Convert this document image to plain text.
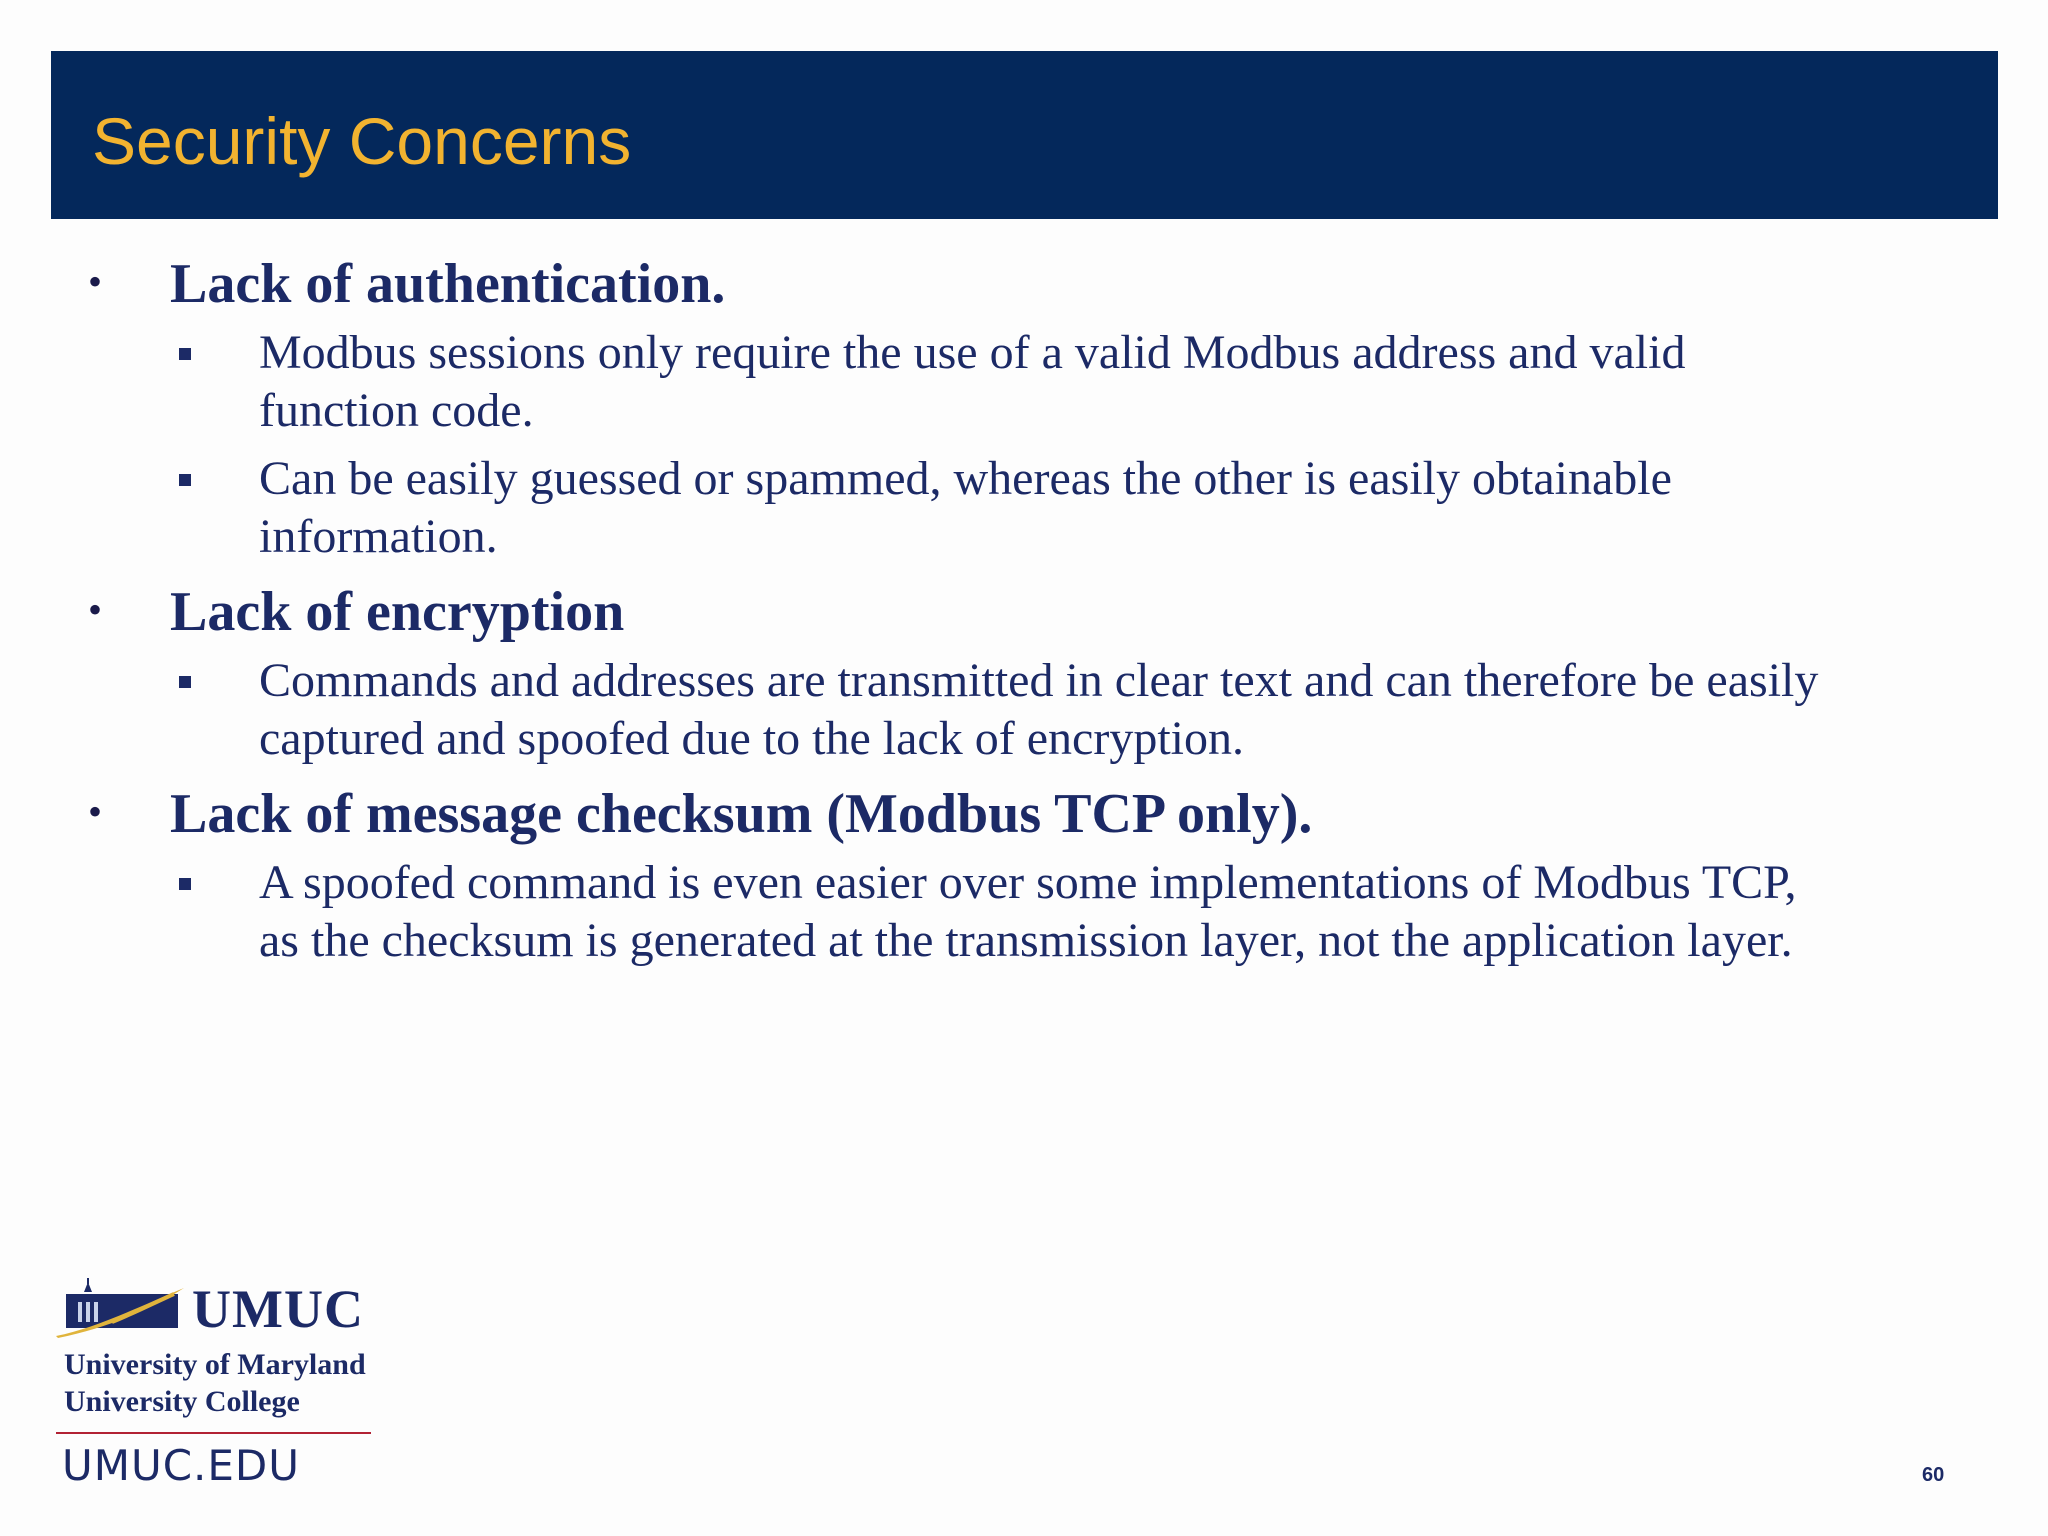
Security Concerns
• Lack of authentication.
Modbus sessions only require the use of a valid Modbus address and valid function code.
Can be easily guessed or spammed, whereas the other is easily obtainable information.
• Lack of encryption
Commands and addresses are transmitted in clear text and can therefore be easily captured and spoofed due to the lack of encryption.
• Lack of message checksum (Modbus TCP only).
A spoofed command is even easier over some implementations of Modbus TCP, as the checksum is generated at the transmission layer, not the application layer.
UMUC
University of Maryland
University College
UMUC.EDU	60
